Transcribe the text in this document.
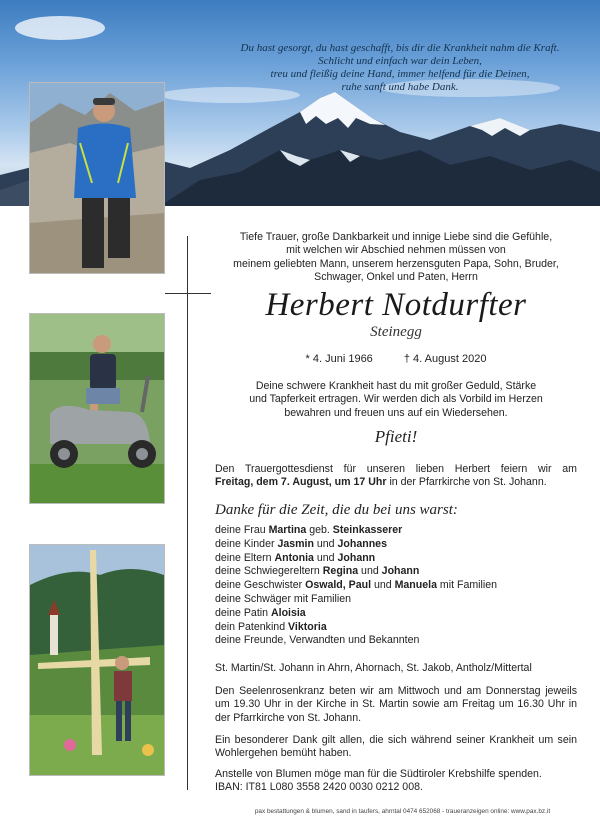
Du hast gesorgt, du hast geschafft, bis dir die Krankheit nahm die Kraft.
Schlicht und einfach war dein Leben,
treu und fleißig deine Hand, immer helfend für die Deinen,
ruhe sanft und habe Dank.
Tiefe Trauer, große Dankbarkeit und innige Liebe sind die Gefühle,
mit welchen wir Abschied nehmen müssen von
meinem geliebten Mann, unserem herzensguten Papa, Sohn, Bruder,
Schwager, Onkel und Paten, Herrn
Herbert Notdurfter
Steinegg
* 4. Juni 1966	† 4. August 2020
Deine schwere Krankheit hast du mit großer Geduld, Stärke
und Tapferkeit ertragen. Wir werden dich als Vorbild im Herzen
bewahren und freuen uns auf ein Wiedersehen.
Pfieti!
Den Trauergottesdienst für unseren lieben Herbert feiern wir am
Freitag, dem 7. August, um 17 Uhr in der Pfarrkirche von St. Johann.
Danke für die Zeit, die du bei uns warst:
deine Frau Martina geb. Steinkasserer
deine Kinder Jasmin und Johannes
deine Eltern Antonia und Johann
deine Schwiegereltern Regina und Johann
deine Geschwister Oswald, Paul und Manuela mit Familien
deine Schwäger mit Familien
deine Patin Aloisia
dein Patenkind Viktoria
deine Freunde, Verwandten und Bekannten
St. Martin/St. Johann in Ahrn, Ahornach, St. Jakob, Antholz/Mittertal
Den Seelenrosenkranz beten wir am Mittwoch und am Donnerstag jeweils um 19.30 Uhr in der Kirche in St. Martin sowie am Freitag um 16.30 Uhr in der Pfarrkirche von St. Johann.
Ein besonderer Dank gilt allen, die sich während seiner Krankheit um sein Wohlergehen bemüht haben.
Anstelle von Blumen möge man für die Südtiroler Krebshilfe spenden.
IBAN: IT81 L080 3558 2420 0030 0212 008.
pax bestattungen & blumen, sand in taufers, ahrntal 0474 652068 - traueranzeigen online: www.pax.bz.it
